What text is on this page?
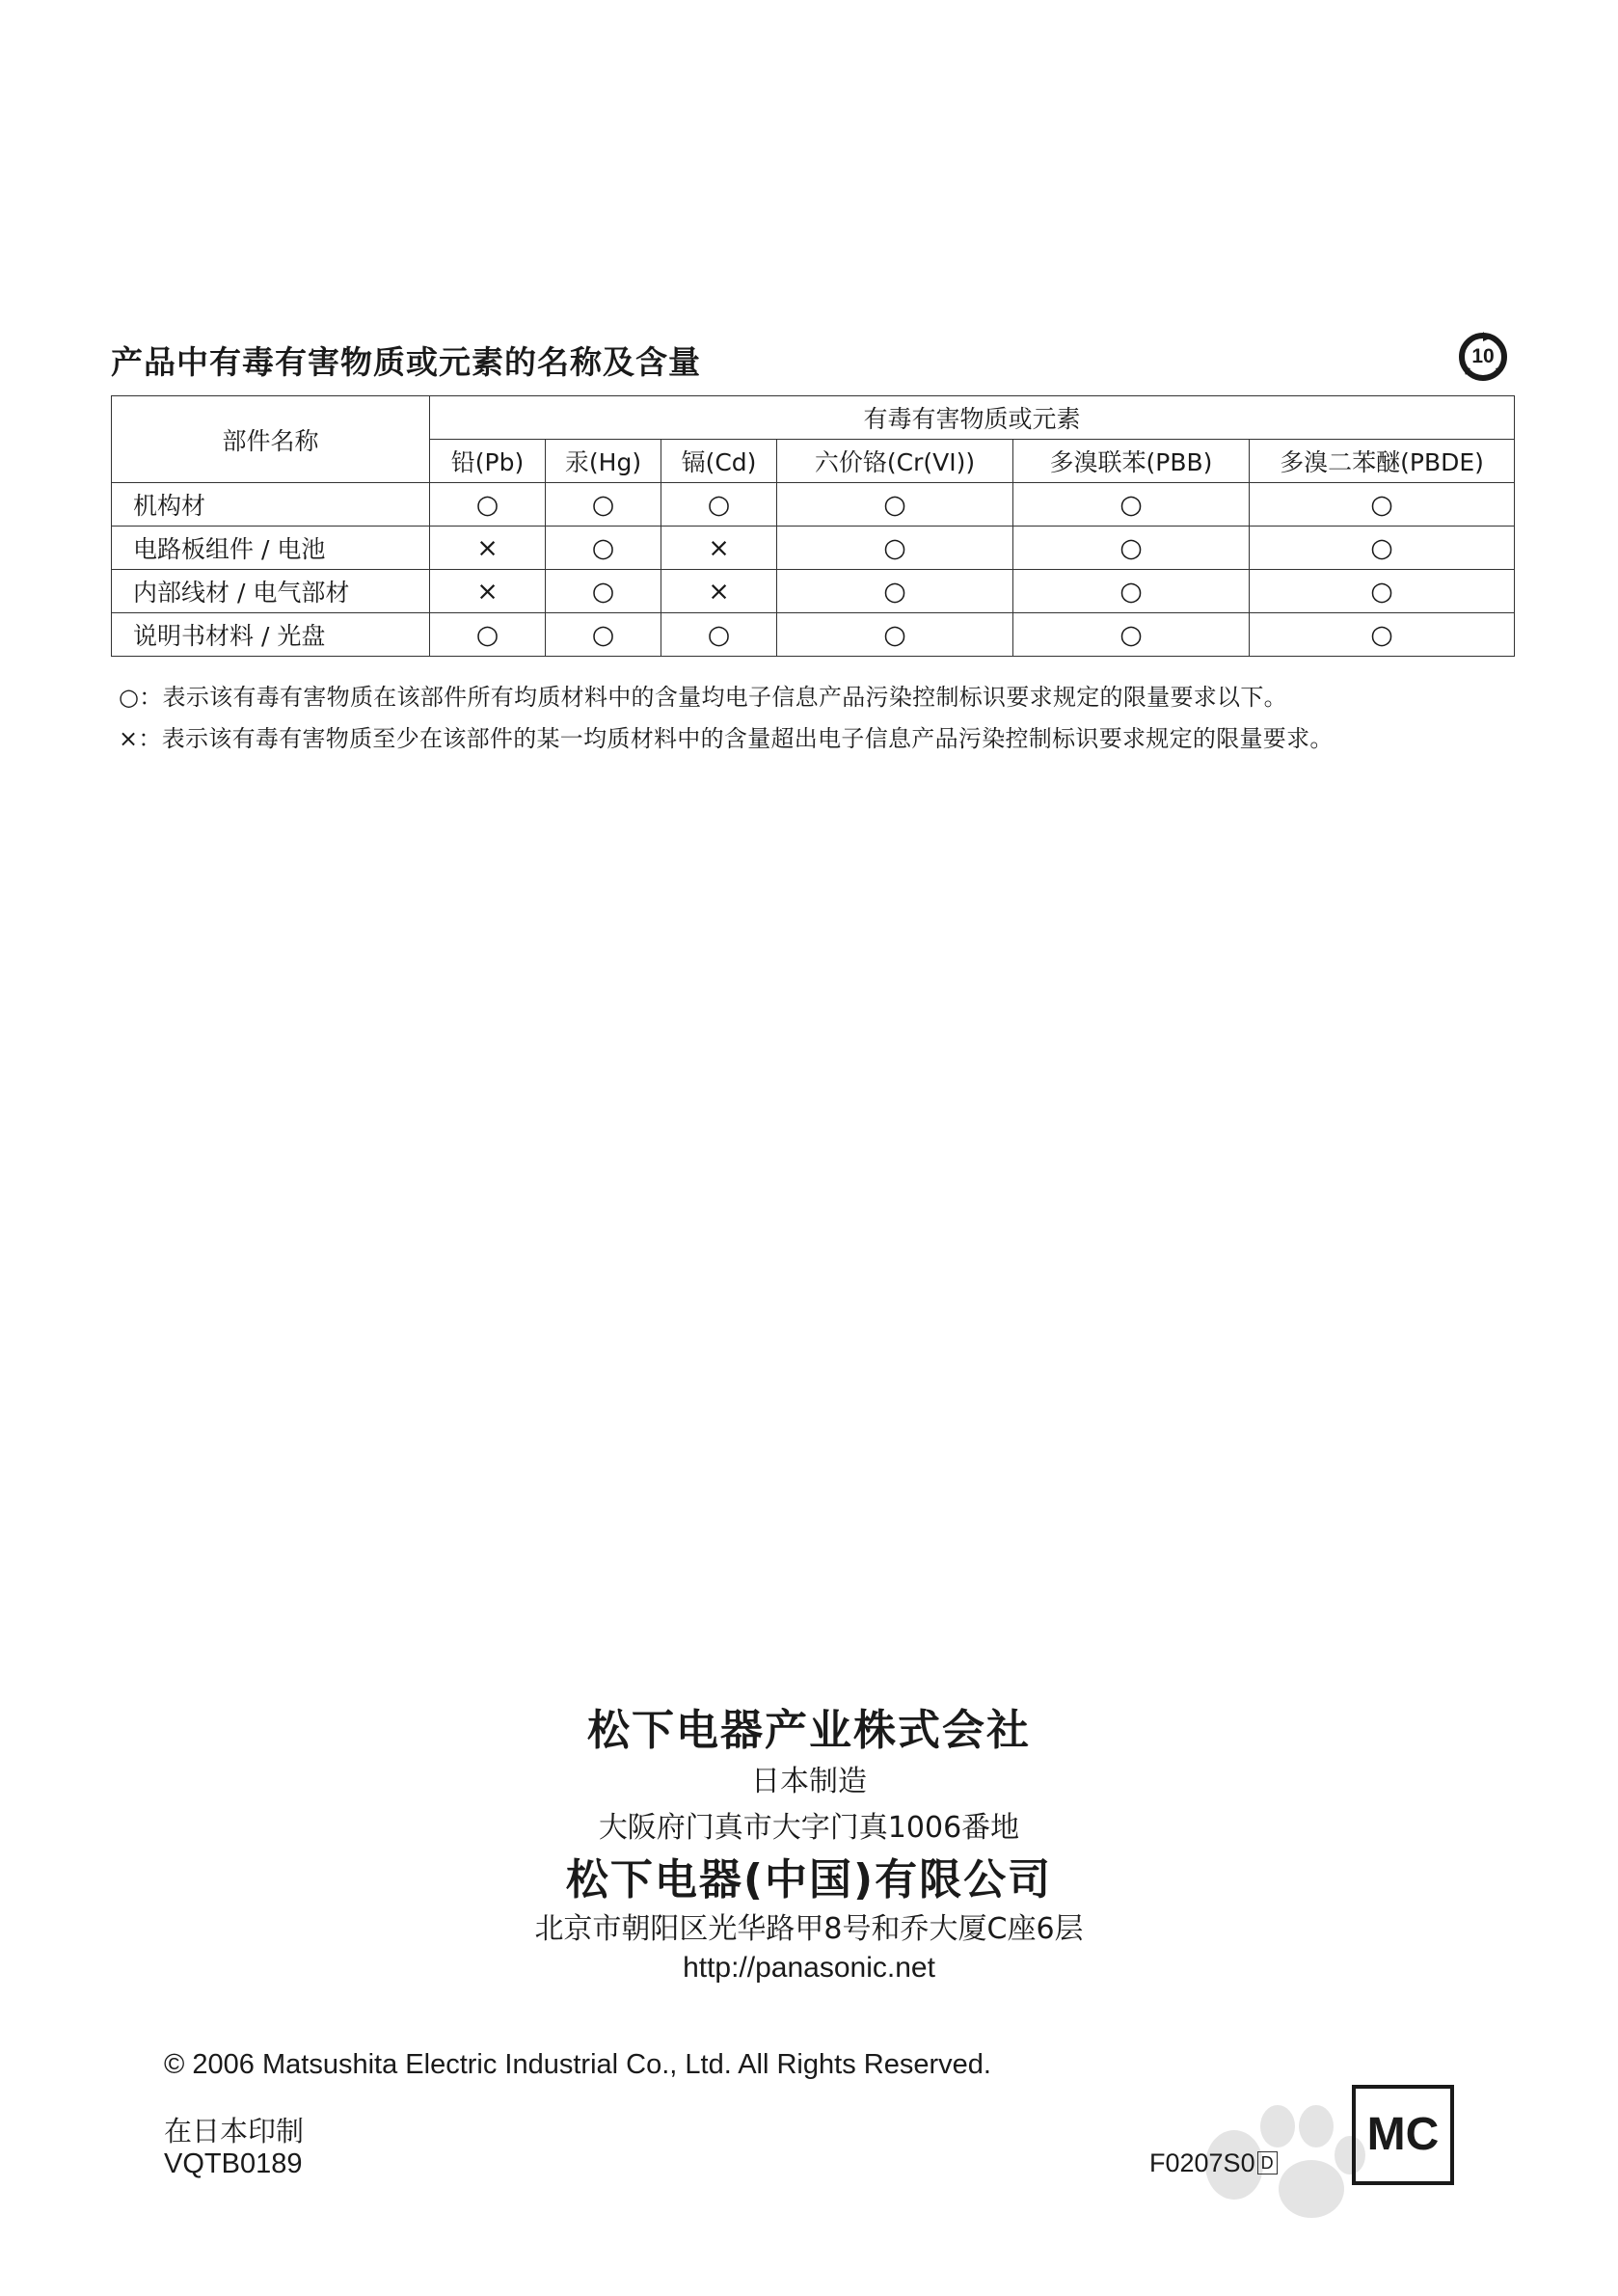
产品中有毒有害物质或元素的名称及含量	10
部件名称	有毒有害物质或元素					
	铅(Pb)	汞(Hg)	镉(Cd)	六价铬(Cr(VI))	多溴联苯(PBB)	多溴二苯醚(PBDE)
机构材	○	○	○	○	○	○
电路板组件 / 电池	×	○	×	○	○	○
内部线材 / 电气部材	×	○	×	○	○	○
说明书材料 / 光盘	○	○	○	○	○	○
○：表示该有毒有害物质在该部件所有均质材料中的含量均电子信息产品污染控制标识要求规定的限量要求以下。
×：表示该有毒有害物质至少在该部件的某一均质材料中的含量超出电子信息产品污染控制标识要求规定的限量要求。
松下电器产业株式会社
日本制造
大阪府门真市大字门真1006番地
松下电器(中国)有限公司
北京市朝阳区光华路甲8号和乔大厦C座6层
http://panasonic.net
© 2006 Matsushita Electric Industrial Co., Ltd. All Rights Reserved.
在日本印制
VQTB0189	F0207S0 D
MC
